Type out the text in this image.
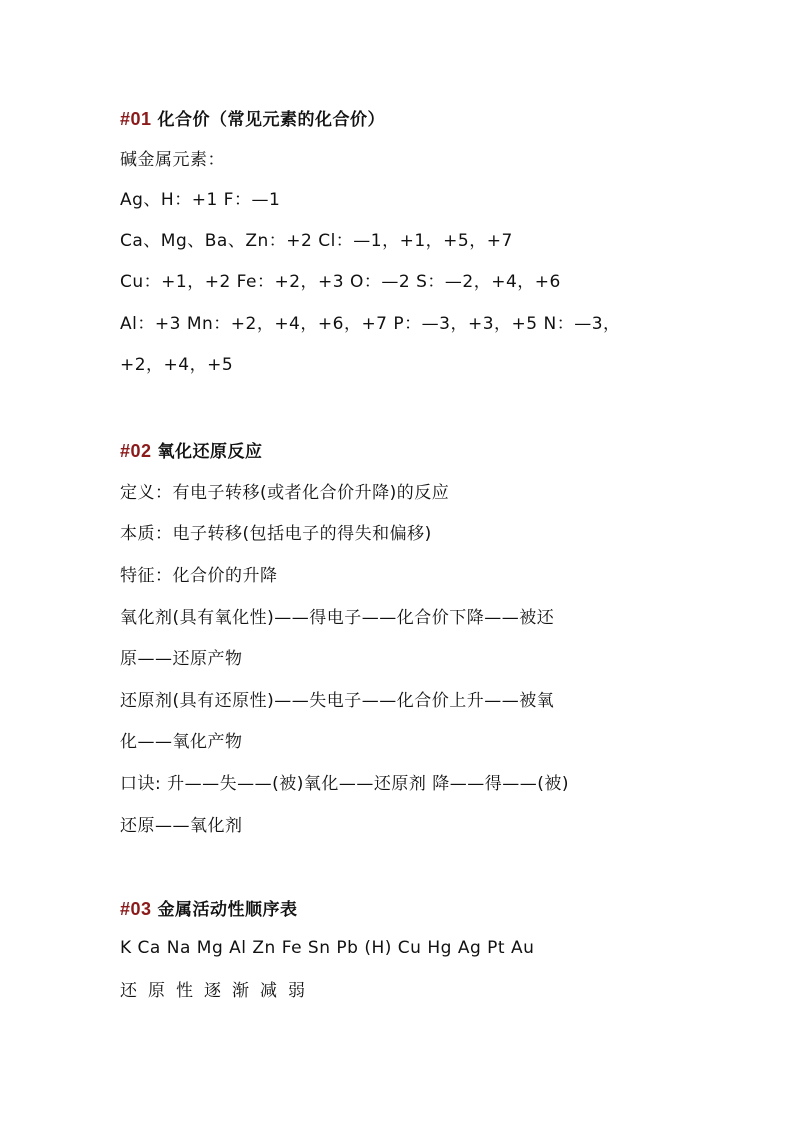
#01 化合价（常见元素的化合价）
碱金属元素：
Ag、H：+1 F：—1
Ca、Mg、Ba、Zn：+2 Cl：—1，+1，+5，+7
Cu：+1，+2 Fe：+2，+3 O：—2 S：—2，+4，+6
Al：+3 Mn：+2，+4，+6，+7 P：—3，+3，+5 N：—3，
+2，+4，+5
#02 氧化还原反应
定义：有电子转移(或者化合价升降)的反应
本质：电子转移(包括电子的得失和偏移)
特征：化合价的升降
氧化剂(具有氧化性)——得电子——化合价下降——被还
原——还原产物
还原剂(具有还原性)——失电子——化合价上升——被氧
化——氧化产物
口诀: 升——失——(被)氧化——还原剂 降——得——(被)
还原——氧化剂
#03 金属活动性顺序表
K Ca Na Mg Al Zn Fe Sn Pb (H) Cu Hg Ag Pt Au
还原性逐渐减弱
